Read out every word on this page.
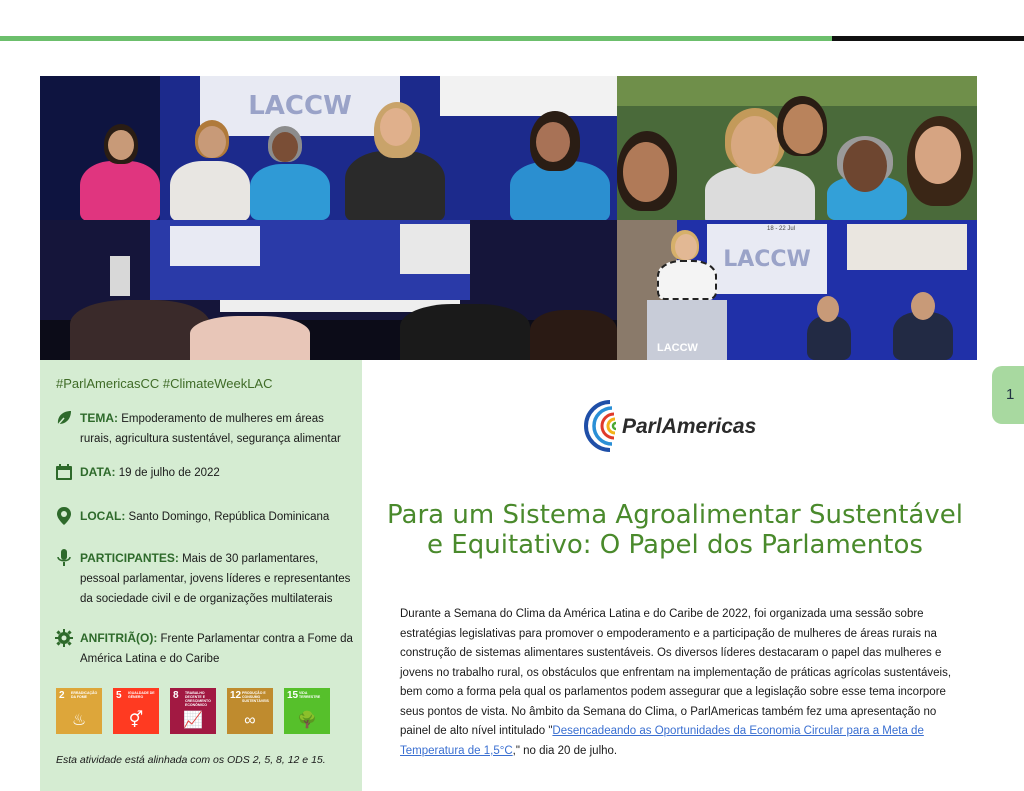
LACCW
LACCW
18 - 22 Jul
LACCW
#ParlAmericasCC #ClimateWeekLAC
TEMA: Empoderamento de mulheres em áreas rurais, agricultura sustentável, segurança alimentar
DATA: 19 de julho de 2022
LOCAL: Santo Domingo, República Dominicana
PARTICIPANTES: Mais de 30 parlamentares, pessoal parlamentar, jovens líderes e representantes da sociedade civil e de organizações multilaterais
ANFITRIÃ(O): Frente Parlamentar contra a Fome da América Latina e do Caribe
2 ERRADICAÇÃO DA FOME
♨
5 IGUALDADE DE GÊNERO
⚥
8 TRABALHO DECENTE E CRESCIMENTO ECONÔMICO
📈
12 PRODUÇÃO E CONSUMO SUSTENTÁVEIS
∞
15 VIDA TERRESTRE
🌳
Esta atividade está alinhada com os ODS 2, 5, 8, 12 e 15.
1
ParlAmericas
Para um Sistema Agroalimentar Sustentável e Equitativo: O Papel dos Parlamentos
Durante a Semana do Clima da América Latina e do Caribe de 2022, foi organizada uma sessão sobre estratégias legislativas para promover o empoderamento e a participação de mulheres de áreas rurais na construção de sistemas alimentares sustentáveis. Os diversos líderes destacaram o papel das mulheres e jovens no trabalho rural, os obstáculos que enfrentam na implementação de práticas agrícolas sustentáveis, bem como a forma pela qual os parlamentos podem assegurar que a legislação sobre esse tema incorpore seus pontos de vista. No âmbito da Semana do Clima, o ParlAmericas também fez uma apresentação no painel de alto nível intitulado "Desencadeando as Oportunidades da Economia Circular para a Meta de Temperatura de 1,5°C," no dia 20 de julho.
